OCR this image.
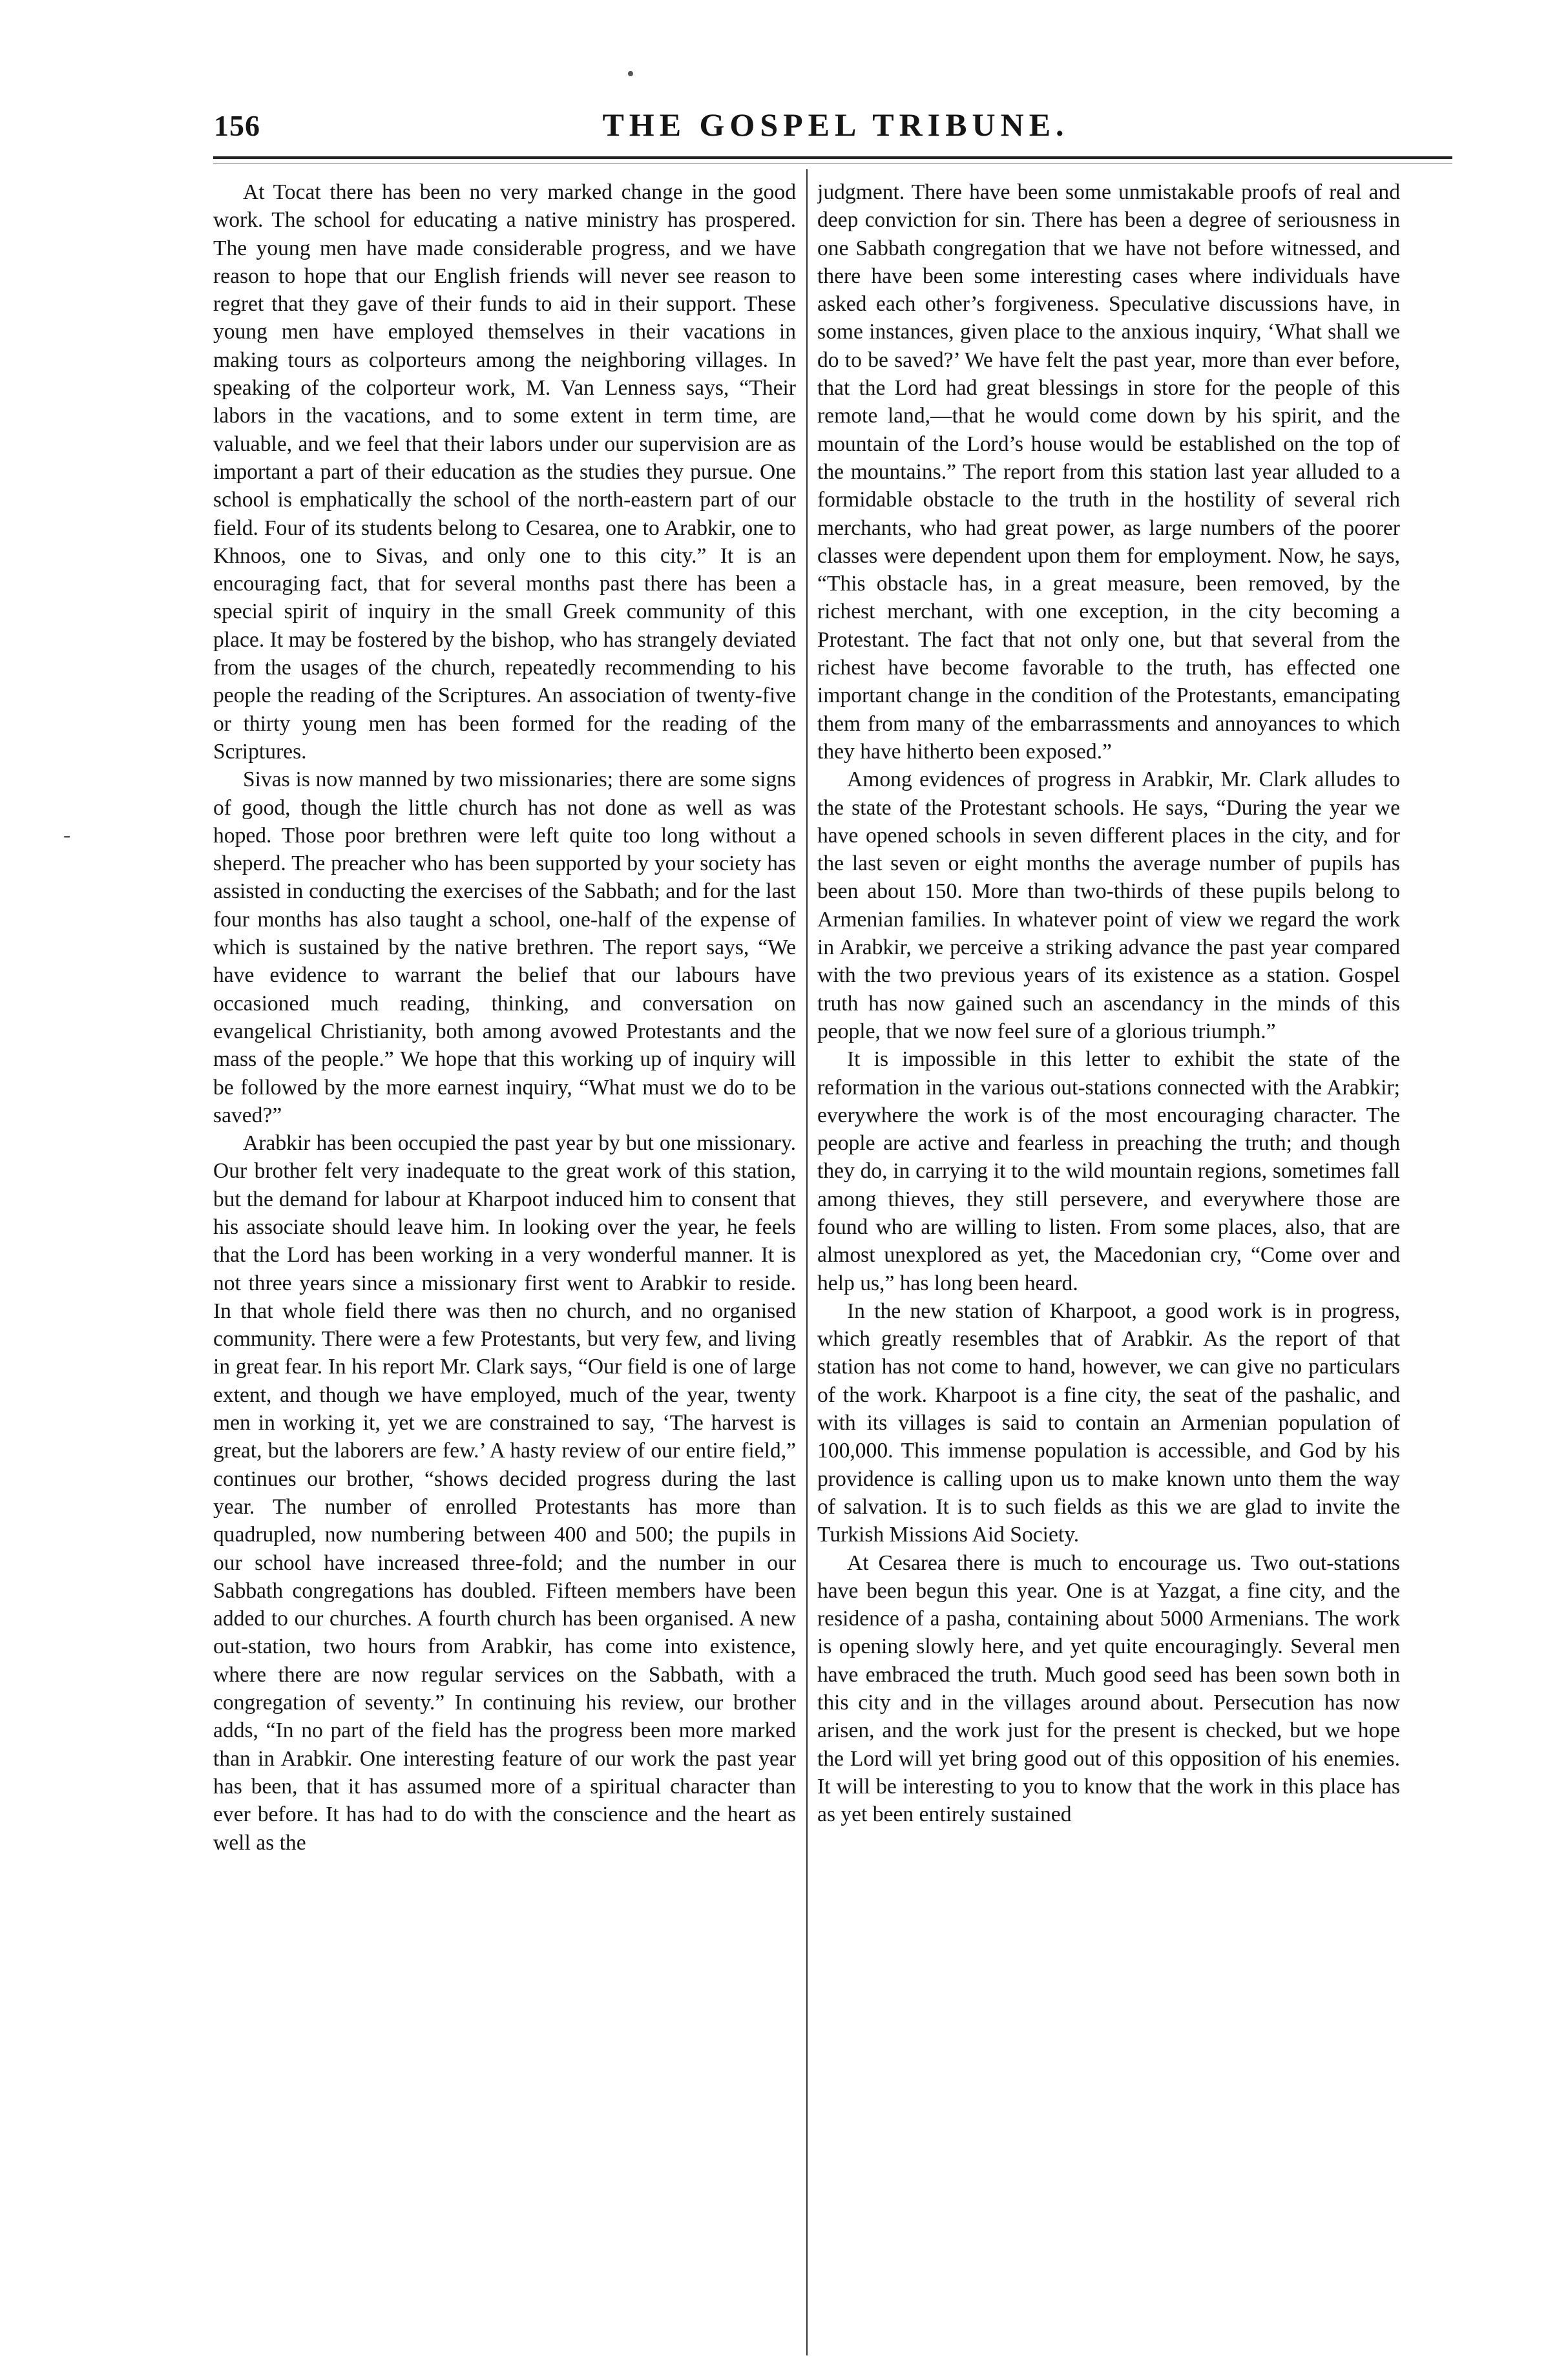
156	THE GOSPEL TRIBUNE.

At Tocat there has been no very marked change in the good work. The school for educating a native ministry has prospered. The young men have made considerable progress, and we have reason to hope that our English friends will never see reason to regret that they gave of their funds to aid in their support. These young men have employed themselves in their vacations in making tours as colporteurs among the neighboring villages. In speaking of the colporteur work, M. Van Lenness says, “Their labors in the vacations, and to some extent in term time, are valuable, and we feel that their labors under our supervision are as important a part of their education as the studies they pursue. One school is emphatically the school of the north-eastern part of our field. Four of its students belong to Cesarea, one to Arabkir, one to Khnoos, one to Sivas, and only one to this city.” It is an encouraging fact, that for several months past there has been a special spirit of inquiry in the small Greek community of this place. It may be fostered by the bishop, who has strangely deviated from the usages of the church, repeatedly recommending to his people the reading of the Scriptures. An association of twenty-five or thirty young men has been formed for the reading of the Scriptures.

Sivas is now manned by two missionaries; there are some signs of good, though the little church has not done as well as was hoped. Those poor brethren were left quite too long without a sheperd. The preacher who has been supported by your society has assisted in conducting the exercises of the Sabbath; and for the last four months has also taught a school, one-half of the expense of which is sustained by the native brethren. The report says, “We have evidence to warrant the belief that our labours have occasioned much reading, thinking, and conversation on evangelical Christianity, both among avowed Protestants and the mass of the people.” We hope that this working up of inquiry will be followed by the more earnest inquiry, “What must we do to be saved?”

Arabkir has been occupied the past year by but one missionary. Our brother felt very inadequate to the great work of this station, but the demand for labour at Kharpoot induced him to consent that his associate should leave him. In looking over the year, he feels that the Lord has been working in a very wonderful manner. It is not three years since a missionary first went to Arabkir to reside. In that whole field there was then no church, and no organised community. There were a few Protestants, but very few, and living in great fear. In his report Mr. Clark says, “Our field is one of large extent, and though we have employed, much of the year, twenty men in working it, yet we are constrained to say, ‘The harvest is great, but the laborers are few.’ A hasty review of our entire field,” continues our brother, “shows decided progress during the last year. The number of enrolled Protestants has more than quadrupled, now numbering between 400 and 500; the pupils in our school have increased three-fold; and the number in our Sabbath congregations has doubled. Fifteen members have been added to our churches. A fourth church has been organised. A new out-station, two hours from Arabkir, has come into existence, where there are now regular services on the Sabbath, with a congregation of seventy.” In continuing his review, our brother adds, “In no part of the field has the progress been more marked than in Arabkir. One interesting feature of our work the past year has been, that it has assumed more of a spiritual character than ever before. It has had to do with the conscience and the heart as well as the

judgment. There have been some unmistakable proofs of real and deep conviction for sin. There has been a degree of seriousness in one Sabbath congregation that we have not before witnessed, and there have been some interesting cases where individuals have asked each other’s forgiveness. Speculative discussions have, in some instances, given place to the anxious inquiry, ‘What shall we do to be saved?’ We have felt the past year, more than ever before, that the Lord had great blessings in store for the people of this remote land,—that he would come down by his spirit, and the mountain of the Lord’s house would be established on the top of the mountains.” The report from this station last year alluded to a formidable obstacle to the truth in the hostility of several rich merchants, who had great power, as large numbers of the poorer classes were dependent upon them for employment. Now, he says, “This obstacle has, in a great measure, been removed, by the richest merchant, with one exception, in the city becoming a Protestant. The fact that not only one, but that several from the richest have become favorable to the truth, has effected one important change in the condition of the Protestants, emancipating them from many of the embarrassments and annoyances to which they have hitherto been exposed.”

Among evidences of progress in Arabkir, Mr. Clark alludes to the state of the Protestant schools. He says, “During the year we have opened schools in seven different places in the city, and for the last seven or eight months the average number of pupils has been about 150. More than two-thirds of these pupils belong to Armenian families. In whatever point of view we regard the work in Arabkir, we perceive a striking advance the past year compared with the two previous years of its existence as a station. Gospel truth has now gained such an ascendancy in the minds of this people, that we now feel sure of a glorious triumph.”

It is impossible in this letter to exhibit the state of the reformation in the various out-stations connected with the Arabkir; everywhere the work is of the most encouraging character. The people are active and fearless in preaching the truth; and though they do, in carrying it to the wild mountain regions, sometimes fall among thieves, they still persevere, and everywhere those are found who are willing to listen. From some places, also, that are almost unexplored as yet, the Macedonian cry, “Come over and help us,” has long been heard.

In the new station of Kharpoot, a good work is in progress, which greatly resembles that of Arabkir. As the report of that station has not come to hand, however, we can give no particulars of the work. Kharpoot is a fine city, the seat of the pashalic, and with its villages is said to contain an Armenian population of 100,000. This immense population is accessible, and God by his providence is calling upon us to make known unto them the way of salvation. It is to such fields as this we are glad to invite the Turkish Missions Aid Society.

At Cesarea there is much to encourage us. Two out-stations have been begun this year. One is at Yazgat, a fine city, and the residence of a pasha, containing about 5000 Armenians. The work is opening slowly here, and yet quite encouragingly. Several men have embraced the truth. Much good seed has been sown both in this city and in the villages around about. Persecution has now arisen, and the work just for the present is checked, but we hope the Lord will yet bring good out of this opposition of his enemies. It will be interesting to you to know that the work in this place has as yet been entirely sustained

•
-
